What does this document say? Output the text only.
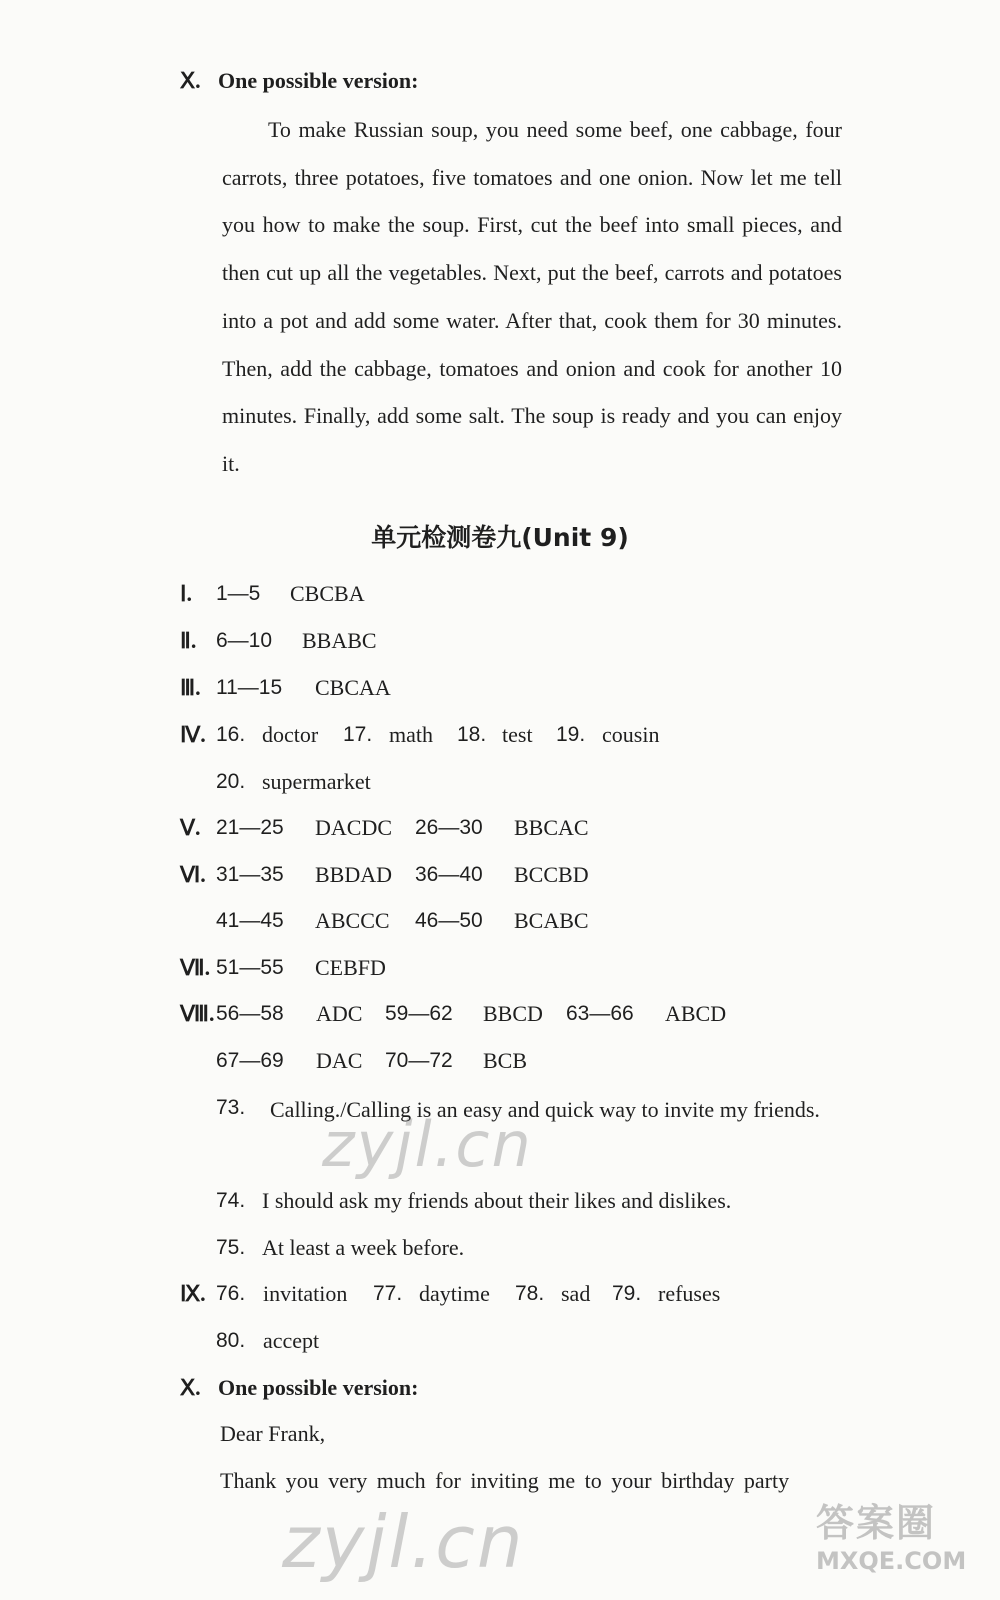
Ⅹ. One possible version:
To make Russian soup, you need some beef, one cabbage, four carrots, three potatoes, five tomatoes and one onion. Now let me tell you how to make the soup. First, cut the beef into small pieces, and then cut up all the vegetables. Next, put the beef, carrots and potatoes into a pot and add some water. After that, cook them for 30 minutes. Then, add the cabbage, tomatoes and onion and cook for another 10 minutes. Finally, add some salt. The soup is ready and you can enjoy it.
单元检测卷九(Unit 9)
Ⅰ. 1—5 CBCBA
Ⅱ. 6—10 BBABC
Ⅲ. 11—15 CBCAA
Ⅳ. 16. doctor 17. math 18. test 19. cousin
20. supermarket
Ⅴ. 21—25 DACDC 26—30 BBCAC
Ⅵ. 31—35 BBDAD 36—40 BCCBD
41—45 ABCCC 46—50 BCABC
Ⅶ. 51—55 CEBFD
Ⅷ. 56—58 ADC 59—62 BBCD 63—66 ABCD
67—69 DAC 70—72 BCB
73. Calling./Calling is an easy and quick way to invite my friends.
74. I should ask my friends about their likes and dislikes.
75. At least a week before.
Ⅸ. 76. invitation 77. daytime 78. sad 79. refuses
80. accept
Ⅹ. One possible version:
Dear Frank,
Thank you very much for inviting me to your birthday party
zyjl.cn
zyjl.cn	答案圈
MXQE.COM
